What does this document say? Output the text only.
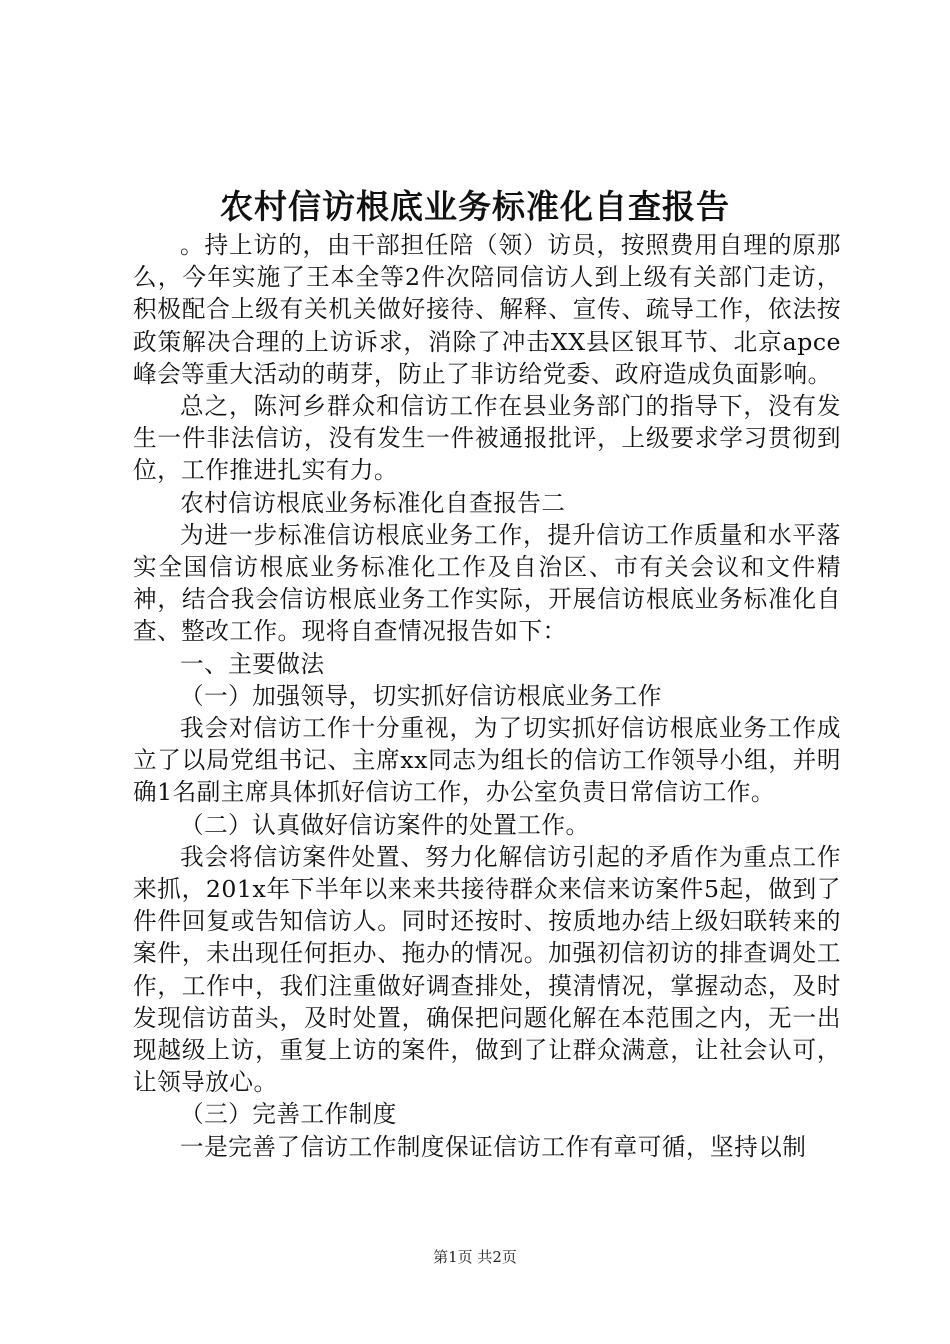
农村信访根底业务标准化自查报告

。持上访的，由干部担任陪（领）访员，按照费用自理的原那么，今年实施了王本全等2件次陪同信访人到上级有关部门走访，积极配合上级有关机关做好接待、解释、宣传、疏导工作，依法按政策解决合理的上访诉求，消除了冲击XX县区银耳节、北京apce峰会等重大活动的萌芽，防止了非访给党委、政府造成负面影响。

总之，陈河乡群众和信访工作在县业务部门的指导下，没有发生一件非法信访，没有发生一件被通报批评，上级要求学习贯彻到位，工作推进扎实有力。

农村信访根底业务标准化自查报告二

为进一步标准信访根底业务工作，提升信访工作质量和水平落实全国信访根底业务标准化工作及自治区、市有关会议和文件精神，结合我会信访根底业务工作实际，开展信访根底业务标准化自查、整改工作。现将自查情况报告如下：

一、主要做法

（一）加强领导，切实抓好信访根底业务工作

我会对信访工作十分重视，为了切实抓好信访根底业务工作成立了以局党组书记、主席xx同志为组长的信访工作领导小组，并明确1名副主席具体抓好信访工作，办公室负责日常信访工作。

（二）认真做好信访案件的处置工作。

我会将信访案件处置、努力化解信访引起的矛盾作为重点工作来抓，201x年下半年以来来共接待群众来信来访案件5起，做到了件件回复或告知信访人。同时还按时、按质地办结上级妇联转来的案件，未出现任何拒办、拖办的情况。加强初信初访的排查调处工作，工作中，我们注重做好调查排处，摸清情况，掌握动态，及时发现信访苗头，及时处置，确保把问题化解在本范围之内，无一出现越级上访，重复上访的案件，做到了让群众满意，让社会认可，让领导放心。

（三）完善工作制度

一是完善了信访工作制度保证信访工作有章可循，坚持以制

第1页 共2页
